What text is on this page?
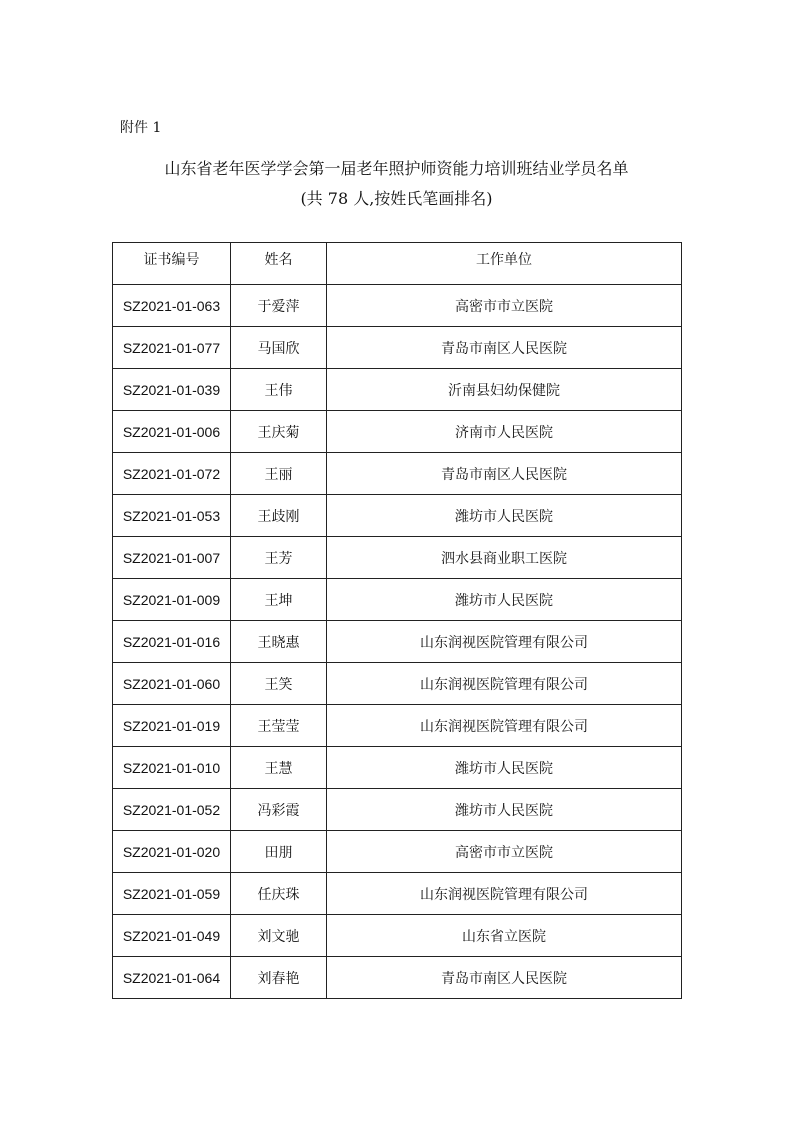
附件 1
山东省老年医学学会第一届老年照护师资能力培训班结业学员名单
(共 78 人,按姓氏笔画排名)
证书编号	姓名	工作单位
SZ2021-01-063	于爱萍	高密市市立医院
SZ2021-01-077	马国欣	青岛市南区人民医院
SZ2021-01-039	王伟	沂南县妇幼保健院
SZ2021-01-006	王庆菊	济南市人民医院
SZ2021-01-072	王丽	青岛市南区人民医院
SZ2021-01-053	王歧刚	潍坊市人民医院
SZ2021-01-007	王芳	泗水县商业职工医院
SZ2021-01-009	王坤	潍坊市人民医院
SZ2021-01-016	王晓惠	山东润视医院管理有限公司
SZ2021-01-060	王笑	山东润视医院管理有限公司
SZ2021-01-019	王莹莹	山东润视医院管理有限公司
SZ2021-01-010	王慧	潍坊市人民医院
SZ2021-01-052	冯彩霞	潍坊市人民医院
SZ2021-01-020	田朋	高密市市立医院
SZ2021-01-059	任庆珠	山东润视医院管理有限公司
SZ2021-01-049	刘文驰	山东省立医院
SZ2021-01-064	刘春艳	青岛市南区人民医院
